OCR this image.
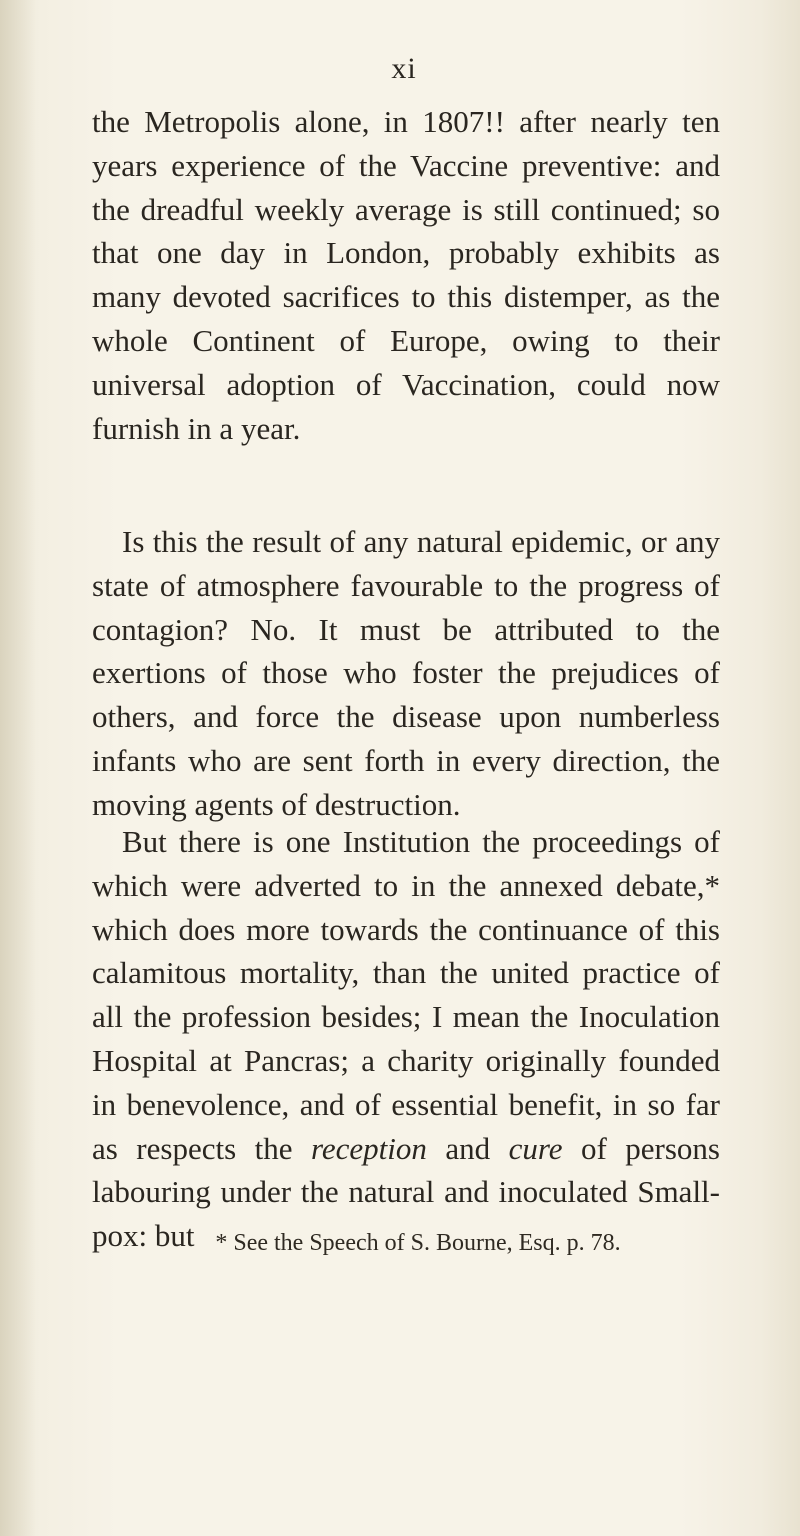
xi

the Metropolis alone, in 1807!! after nearly ten years experience of the Vaccine preventive: and the dreadful weekly average is still continued; so that one day in London, probably exhibits as many devoted sacrifices to this distemper, as the whole Continent of Europe, owing to their universal adoption of Vaccination, could now furnish in a year.

Is this the result of any natural epidemic, or any state of atmosphere favourable to the progress of contagion? No. It must be attributed to the exertions of those who foster the prejudices of others, and force the disease upon numberless infants who are sent forth in every direction, the moving agents of destruction.

But there is one Institution the proceedings of which were adverted to in the annexed debate,* which does more towards the continuance of this calamitous mortality, than the united practice of all the profession besides; I mean the Inoculation Hospital at Pancras; a charity originally founded in benevolence, and of essential benefit, in so far as respects the reception and cure of persons labouring under the natural and inoculated Small-pox: but * See the Speech of S. Bourne, Esq. p. 78.
